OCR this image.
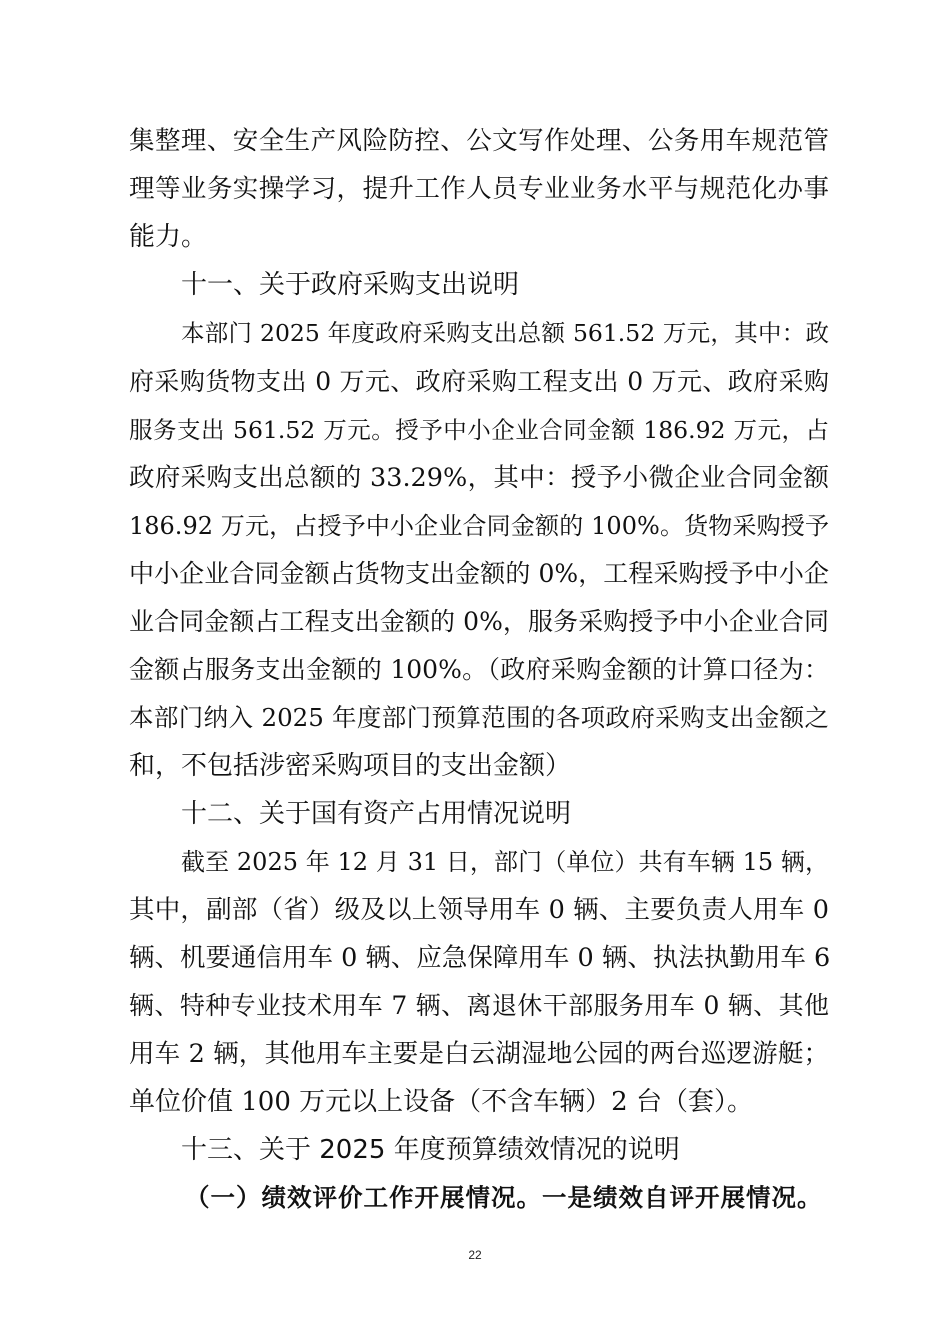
集整理、安全生产风险防控、公文写作处理、公务用车规范管
理等业务实操学习，提升工作人员专业业务水平与规范化办事
能力。
十一、关于政府采购支出说明
本部门 2025 年度政府采购支出总额 561.52 万元，其中：政
府采购货物支出 0 万元、政府采购工程支出 0 万元、政府采购
服务支出 561.52 万元。授予中小企业合同金额 186.92 万元，占
政府采购支出总额的 33.29%，其中：授予小微企业合同金额
186.92 万元，占授予中小企业合同金额的 100%。货物采购授予
中小企业合同金额占货物支出金额的 0%，工程采购授予中小企
业合同金额占工程支出金额的 0%，服务采购授予中小企业合同
金额占服务支出金额的 100%。（政府采购金额的计算口径为：
本部门纳入 2025 年度部门预算范围的各项政府采购支出金额之
和，不包括涉密采购项目的支出金额）
十二、关于国有资产占用情况说明
截至 2025 年 12 月 31 日，部门（单位）共有车辆 15 辆，
其中，副部（省）级及以上领导用车 0 辆、主要负责人用车 0
辆、机要通信用车 0 辆、应急保障用车 0 辆、执法执勤用车 6
辆、特种专业技术用车 7 辆、离退休干部服务用车 0 辆、其他
用车 2 辆，其他用车主要是白云湖湿地公园的两台巡逻游艇；
单位价值 100 万元以上设备（不含车辆）2 台（套）。
十三、关于 2025 年度预算绩效情况的说明
（一）绩效评价工作开展情况。一是绩效自评开展情况。
22
